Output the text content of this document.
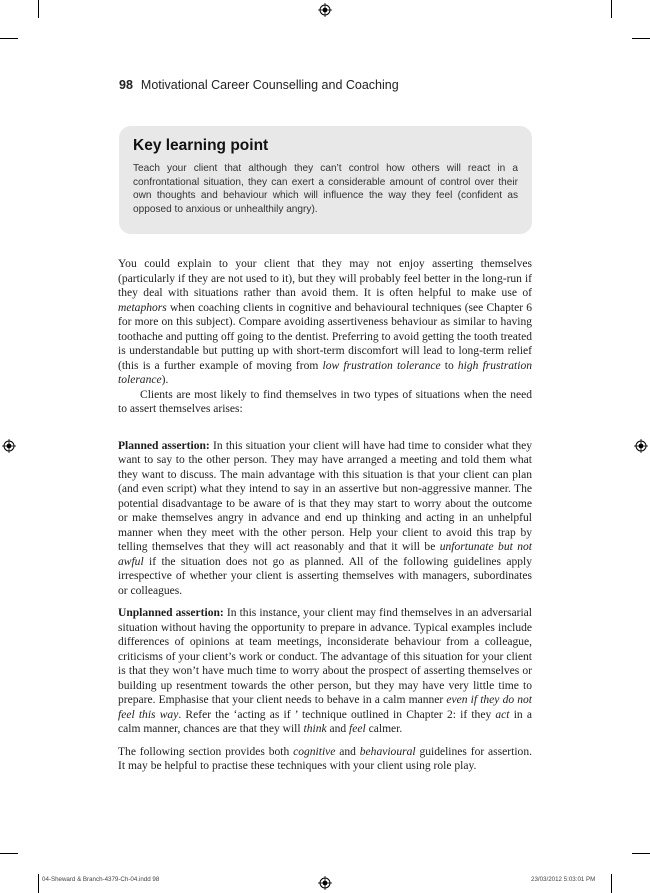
98 Motivational Career Counselling and Coaching
Key learning point
Teach your client that although they can’t control how others will react in a confrontational situation, they can exert a considerable amount of control over their own thoughts and behaviour which will influence the way they feel (confident as opposed to anxious or unhealthily angry).

You could explain to your client that they may not enjoy asserting themselves (particularly if they are not used to it), but they will probably feel better in the long-run if they deal with situations rather than avoid them. It is often helpful to make use of metaphors when coaching clients in cognitive and behavioural techniques (see Chapter 6 for more on this subject). Compare avoiding assertiveness behaviour as similar to having toothache and putting off going to the dentist. Preferring to avoid getting the tooth treated is understandable but putting up with short-term discomfort will lead to long-term relief (this is a further example of moving from low frustration tolerance to high frustration tolerance).

Clients are most likely to find themselves in two types of situations when the need to assert themselves arises:

Planned assertion: In this situation your client will have had time to consider what they want to say to the other person. They may have arranged a meeting and told them what they want to discuss. The main advantage with this situation is that your client can plan (and even script) what they intend to say in an assertive but non-aggressive manner. The potential disadvantage to be aware of is that they may start to worry about the outcome or make themselves angry in advance and end up thinking and acting in an unhelpful manner when they meet with the other person. Help your client to avoid this trap by telling themselves that they will act reasonably and that it will be unfortunate but not awful if the situation does not go as planned. All of the following guidelines apply irrespective of whether your client is asserting themselves with managers, subordinates or colleagues.

Unplanned assertion: In this instance, your client may find themselves in an adversarial situation without having the opportunity to prepare in advance. Typical examples include differences of opinions at team meetings, inconsiderate behaviour from a colleague, criticisms of your client’s work or conduct. The advantage of this situation for your client is that they won’t have much time to worry about the prospect of asserting themselves or building up resentment towards the other person, but they may have very little time to prepare. Emphasise that your client needs to behave in a calm manner even if they do not feel this way. Refer the ‘acting as if ’ technique outlined in Chapter 2: if they act in a calm manner, chances are that they will think and feel calmer.

The following section provides both cognitive and behavioural guidelines for assertion. It may be helpful to practise these techniques with your client using role play.

04-Sheward & Branch-4379-Ch-04.indd 98	23/03/2012 5:03:01 PM
